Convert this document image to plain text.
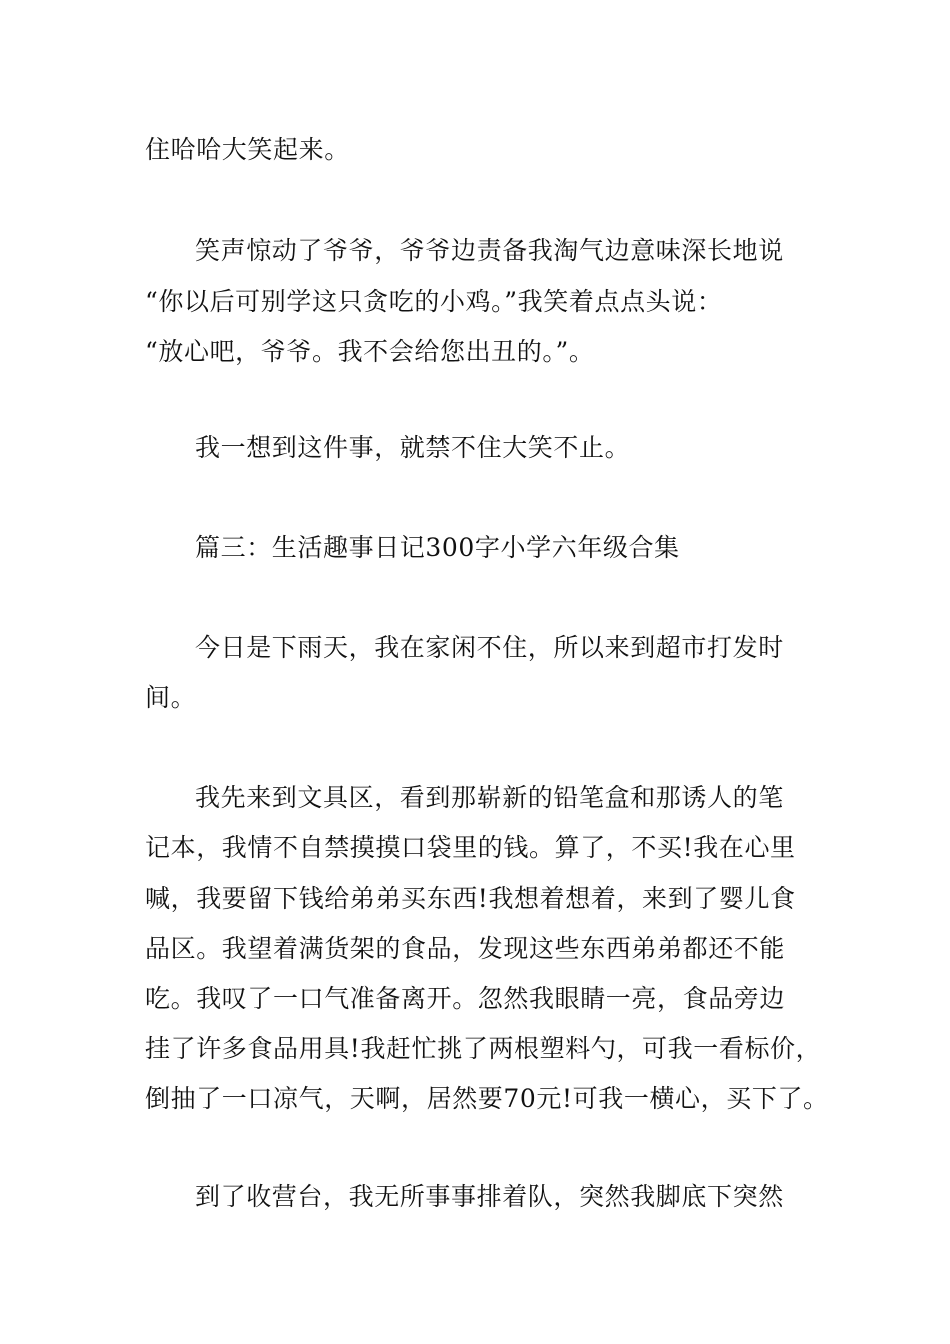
住哈哈大笑起来。
笑声惊动了爷爷，爷爷边责备我淘气边意味深长地说
“你以后可别学这只贪吃的小鸡。”我笑着点点头说：
“放心吧，爷爷。我不会给您出丑的。”。
我一想到这件事，就禁不住大笑不止。
篇三：生活趣事日记300字小学六年级合集
今日是下雨天，我在家闲不住，所以来到超市打发时
间。
我先来到文具区，看到那崭新的铅笔盒和那诱人的笔
记本，我情不自禁摸摸口袋里的钱。算了，不买!我在心里
喊，我要留下钱给弟弟买东西!我想着想着，来到了婴儿食
品区。我望着满货架的食品，发现这些东西弟弟都还不能
吃。我叹了一口气准备离开。忽然我眼睛一亮，食品旁边
挂了许多食品用具!我赶忙挑了两根塑料勺，可我一看标价，
倒抽了一口凉气，天啊，居然要70元!可我一横心，买下了。
到了收营台，我无所事事排着队，突然我脚底下突然
